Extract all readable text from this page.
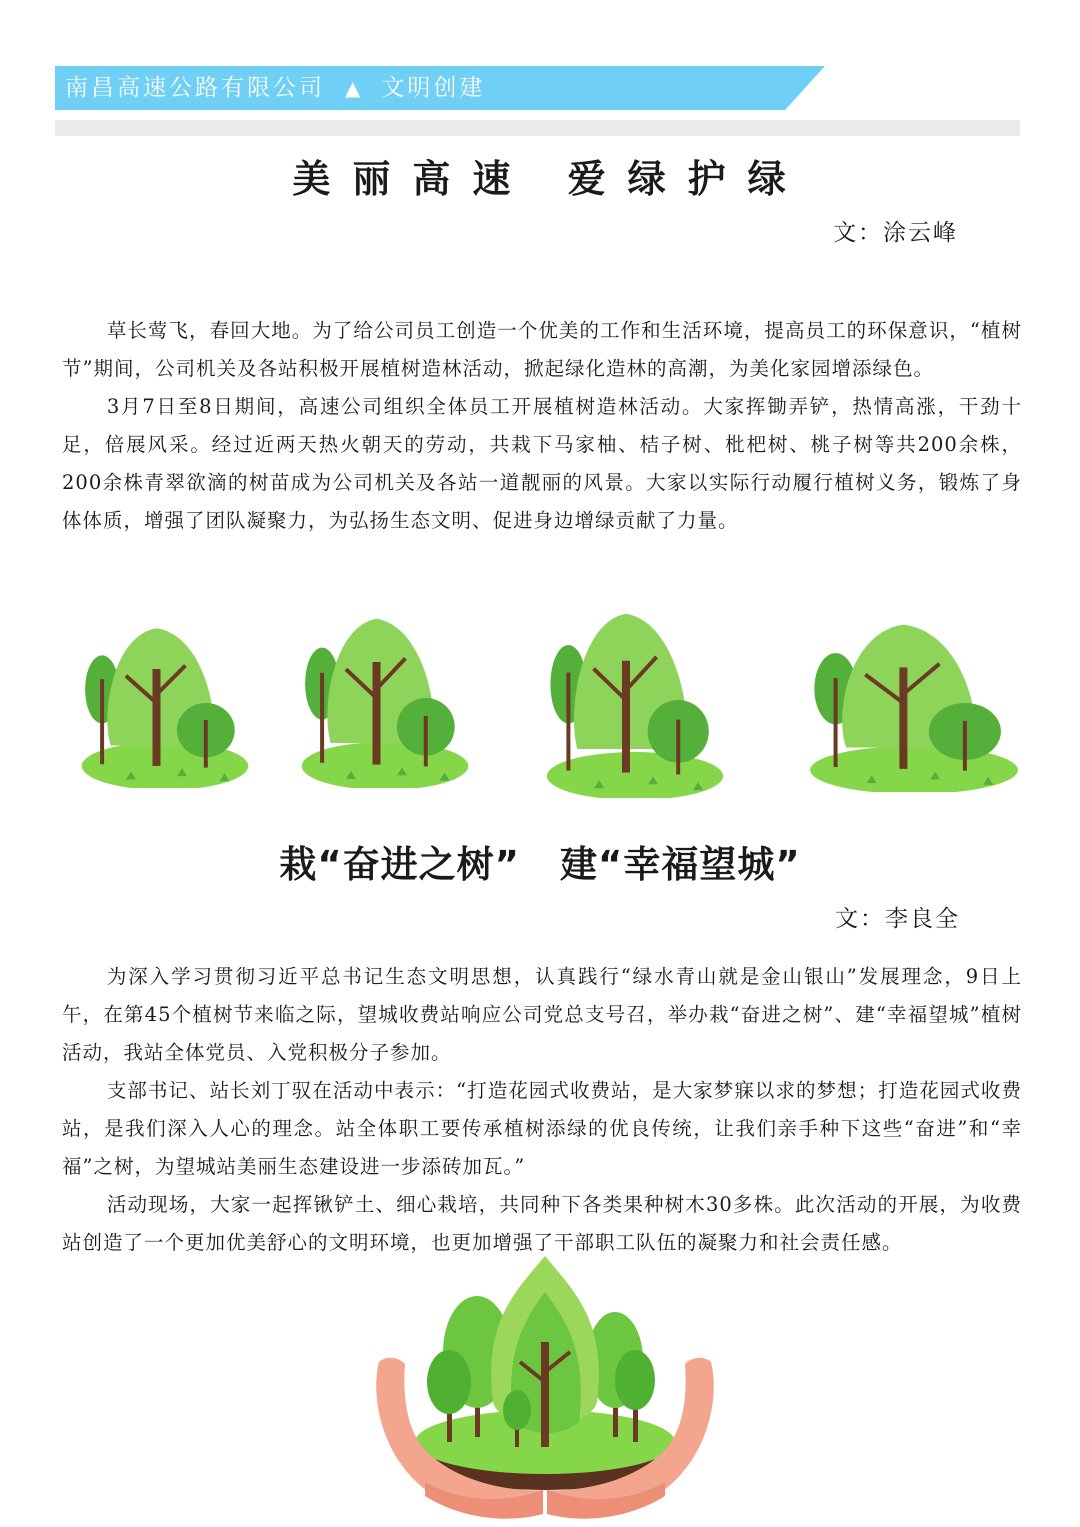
南昌高速公路有限公司 ▲ 文明创建
美丽高速 爱绿护绿
文：涂云峰

草长莺飞，春回大地。为了给公司员工创造一个优美的工作和生活环境，提高员工的环保意识，“植树节”期间，公司机关及各站积极开展植树造林活动，掀起绿化造林的高潮，为美化家园增添绿色。

3月7日至8日期间，高速公司组织全体员工开展植树造林活动。大家挥锄弄铲，热情高涨，干劲十足，倍展风采。经过近两天热火朝天的劳动，共栽下马家柚、桔子树、枇杷树、桃子树等共200余株，200余株青翠欲滴的树苗成为公司机关及各站一道靓丽的风景。大家以实际行动履行植树义务，锻炼了身体体质，增强了团队凝聚力，为弘扬生态文明、促进身边增绿贡献了力量。

栽“奋进之树” 建“幸福望城”
文：李良全

为深入学习贯彻习近平总书记生态文明思想，认真践行“绿水青山就是金山银山”发展理念，9日上午，在第45个植树节来临之际，望城收费站响应公司党总支号召，举办栽“奋进之树”、建“幸福望城”植树活动，我站全体党员、入党积极分子参加。

支部书记、站长刘丁驭在活动中表示：“打造花园式收费站，是大家梦寐以求的梦想；打造花园式收费站，是我们深入人心的理念。站全体职工要传承植树添绿的优良传统，让我们亲手种下这些“奋进”和“幸福”之树，为望城站美丽生态建设进一步添砖加瓦。”

活动现场，大家一起挥锹铲土、细心栽培，共同种下各类果种树木30多株。此次活动的开展，为收费站创造了一个更加优美舒心的文明环境，也更加增强了干部职工队伍的凝聚力和社会责任感。
